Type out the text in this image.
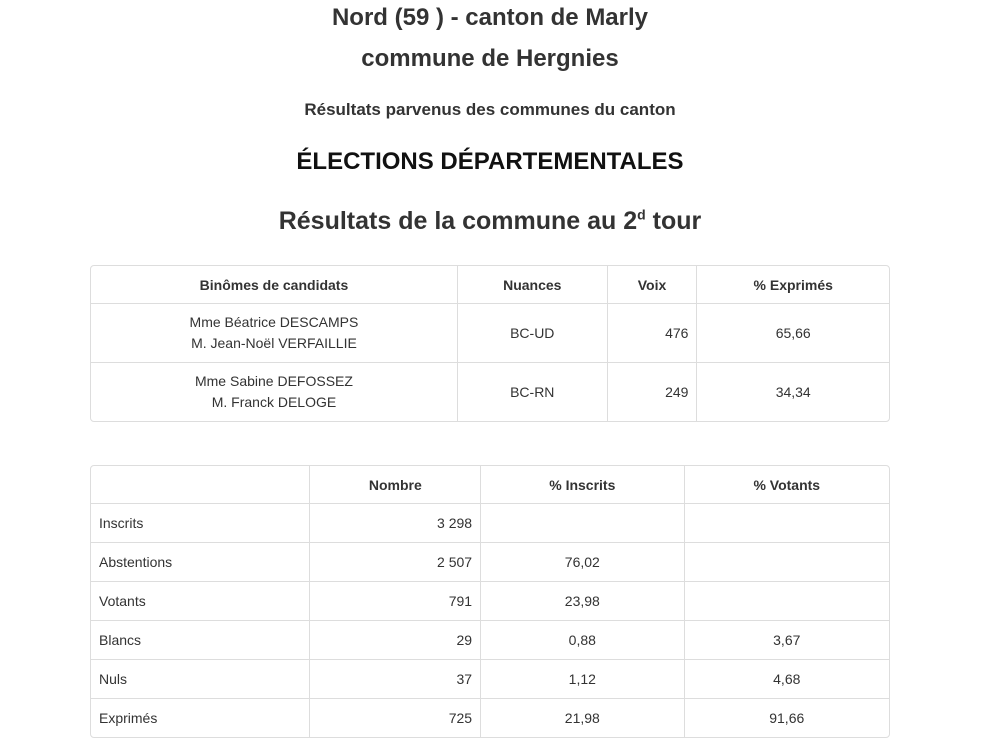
Nord (59 ) - canton de Marly
commune de Hergnies
Résultats parvenus des communes du canton
ÉLECTIONS DÉPARTEMENTALES
Résultats de la commune au 2$^d$ tour
Binômes de candidats	Nuances	Voix	% Exprimés

Mme Béatrice DESCAMPS
M. Jean-Noël VERFAILLIE	BC-UD	476	65,66

Mme Sabine DEFOSSEZ
M. Franck DELOGE	BC-RN	249	34,34
	Nombre	% Inscrits	% Votants
Inscrits	3 298		
Abstentions	2 507	76,02	
Votants	791	23,98	
Blancs	29	0,88	3,67
Nuls	37	1,12	4,68
Exprimés	725	21,98	91,66
